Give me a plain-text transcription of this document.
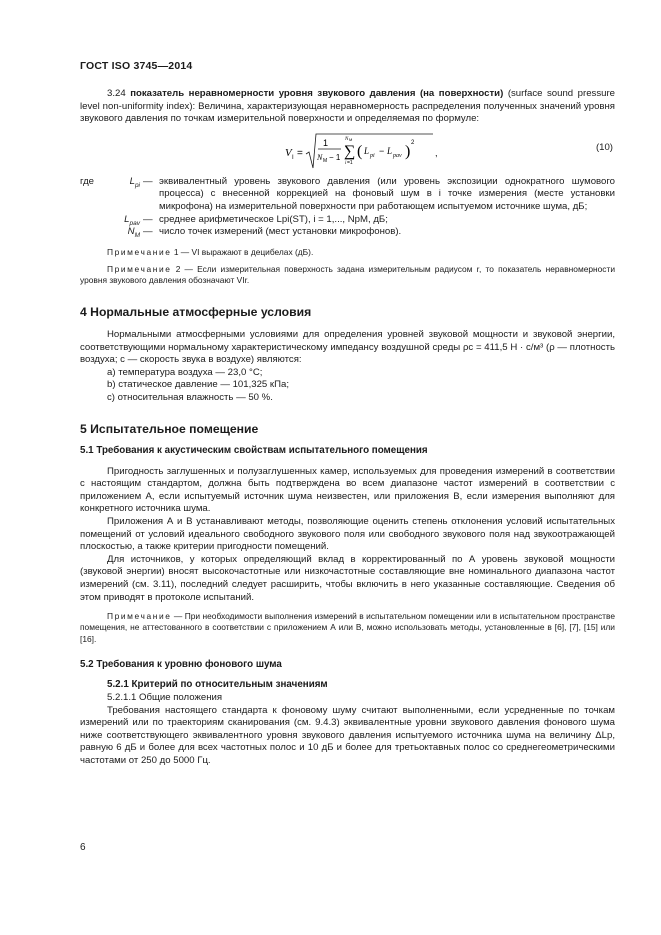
ГОСТ ISO 3745—2014

3.24 показатель неравномерности уровня звукового давления (на поверхности) (surface sound pressure level non-uniformity index): Величина, характеризующая неравномерность распределения полученных значений уровня звукового давления по точкам измерительной поверхности и определяемая по формуле:

V I =
1
N M − 1
N M
∑
i =1
( L pi − L pav ) 2
,	(10)
где	$L_{pi}$ — эквивалентный уровень звукового давления (или уровень экспозиции однократного шумового процесса) с внесенной коррекцией на фоновый шум в i точке измерения (месте установки микрофона) на измерительной поверхности при работающем испытуемом источнике шума, дБ;
$L_{pav}$ — среднее арифметическое Lpi(ST), i = 1,..., NpM, дБ;
$N_M$ — число точек измерений (мест установки микрофонов).

Примечание 1 — VI выражают в децибелах (дБ).

Примечание 2 — Если измерительная поверхность задана измерительным радиусом r, то показатель неравномерности уровня звукового давления обозначают VIr.

4 Нормальные атмосферные условия

Нормальными атмосферными условиями для определения уровней звуковой мощности и звуковой энергии, соответствующими нормальному характеристическому импедансу воздушной среды ρc = 411,5 Н · с/м³ (ρ — плотность воздуха; c — скорость звука в воздухе) являются:

a) температура воздуха — 23,0 °С;
b) статическое давление — 101,325 кПа;
c) относительная влажность — 50 %.
5 Испытательное помещение
5.1 Требования к акустическим свойствам испытательного помещения

Пригодность заглушенных и полузаглушенных камер, используемых для проведения измерений в соответствии с настоящим стандартом, должна быть подтверждена во всем диапазоне частот измерений в соответствии с приложением А, если испытуемый источник шума неизвестен, или приложения В, если измерения выполняют для конкретного источника шума.

Приложения А и В устанавливают методы, позволяющие оценить степень отклонения условий испытательных помещений от условий идеального свободного звукового поля или свободного звукового поля над звукоотражающей плоскостью, а также критерии пригодности помещений.

Для источников, у которых определяющий вклад в корректированный по А уровень звуковой мощности (звуковой энергии) вносят высокочастотные или низкочастотные составляющие вне номинального диапазона частот измерений (см. 3.11), последний следует расширить, чтобы включить в него указанные составляющие. Сведения об этом приводят в протоколе испытаний.

Примечание — При необходимости выполнения измерений в испытательном помещении или в испытательном пространстве помещения, не аттестованного в соответствии с приложением А или В, можно использовать методы, установленные в [6], [7], [15] или [16].

5.2 Требования к уровню фонового шума
5.2.1 Критерий по относительным значениям

5.2.1.1 Общие положения

Требования настоящего стандарта к фоновому шуму считают выполненными, если усредненные по точкам измерений или по траекториям сканирования (см. 9.4.3) эквивалентные уровни звукового давления фонового шума ниже соответствующего эквивалентного уровня звукового давления испытуемого источника шума на величину ΔLp, равную 6 дБ и более для всех частотных полос и 10 дБ и более для третьоктавных полос со среднегеометрическими частотами от 250 до 5000 Гц.

6
